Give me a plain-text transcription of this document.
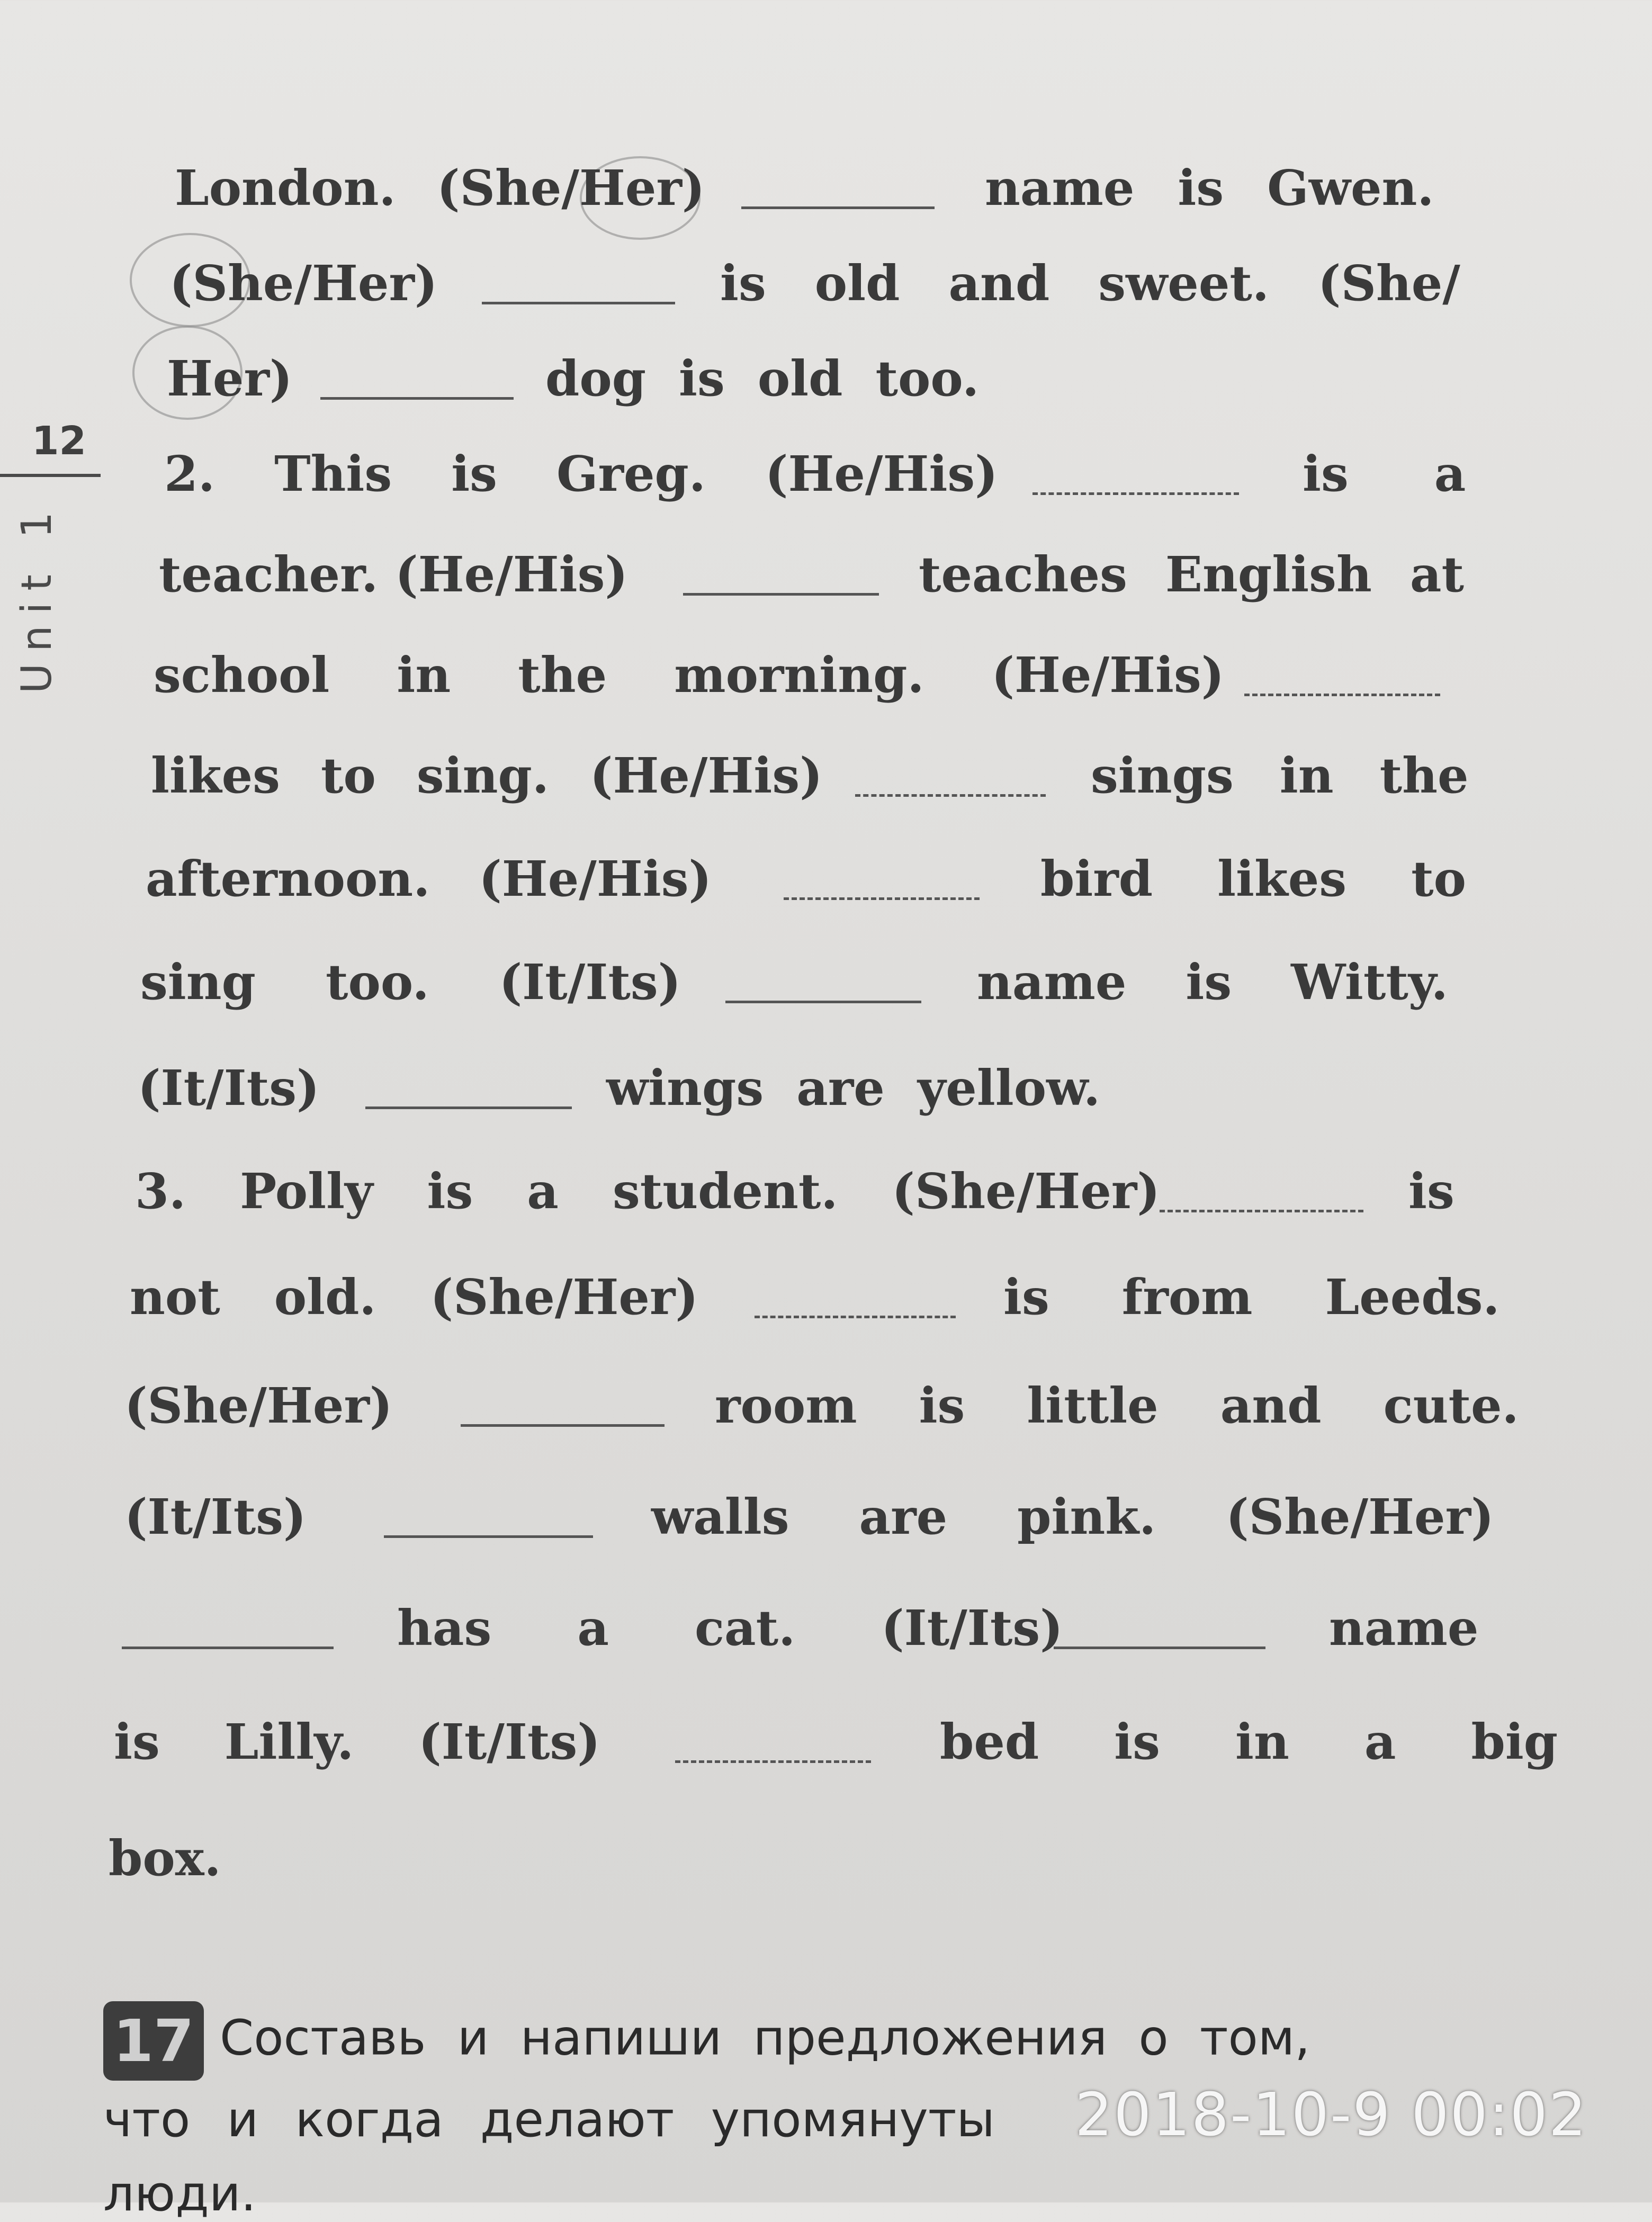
12
Unit 1
London. (She/Her)	name is Gwen.
(She/Her)	is old and sweet. (She/
Her)	dog is old too.
2. This is Greg. (He/His)	is a
teacher. (He/His)	teaches English at
school in the morning. (He/His)
likes to sing. (He/His)	sings in the
afternoon. (He/His)	bird likes to
sing too. (It/Its)	name is Witty.
(It/Its)	wings are yellow.
3. Polly is a student. (She/Her)	is
not old. (She/Her)	is from Leeds.
(She/Her)	room is little and cute.
(It/Its)	walls are pink. (She/Her)
has a cat. (It/Its)	name
is Lilly. (It/Its)	bed is in a big
box.
17 Составь и напиши предложения о том,
что и когда делают упомянуты
люди.
2018-10-9 00:02
